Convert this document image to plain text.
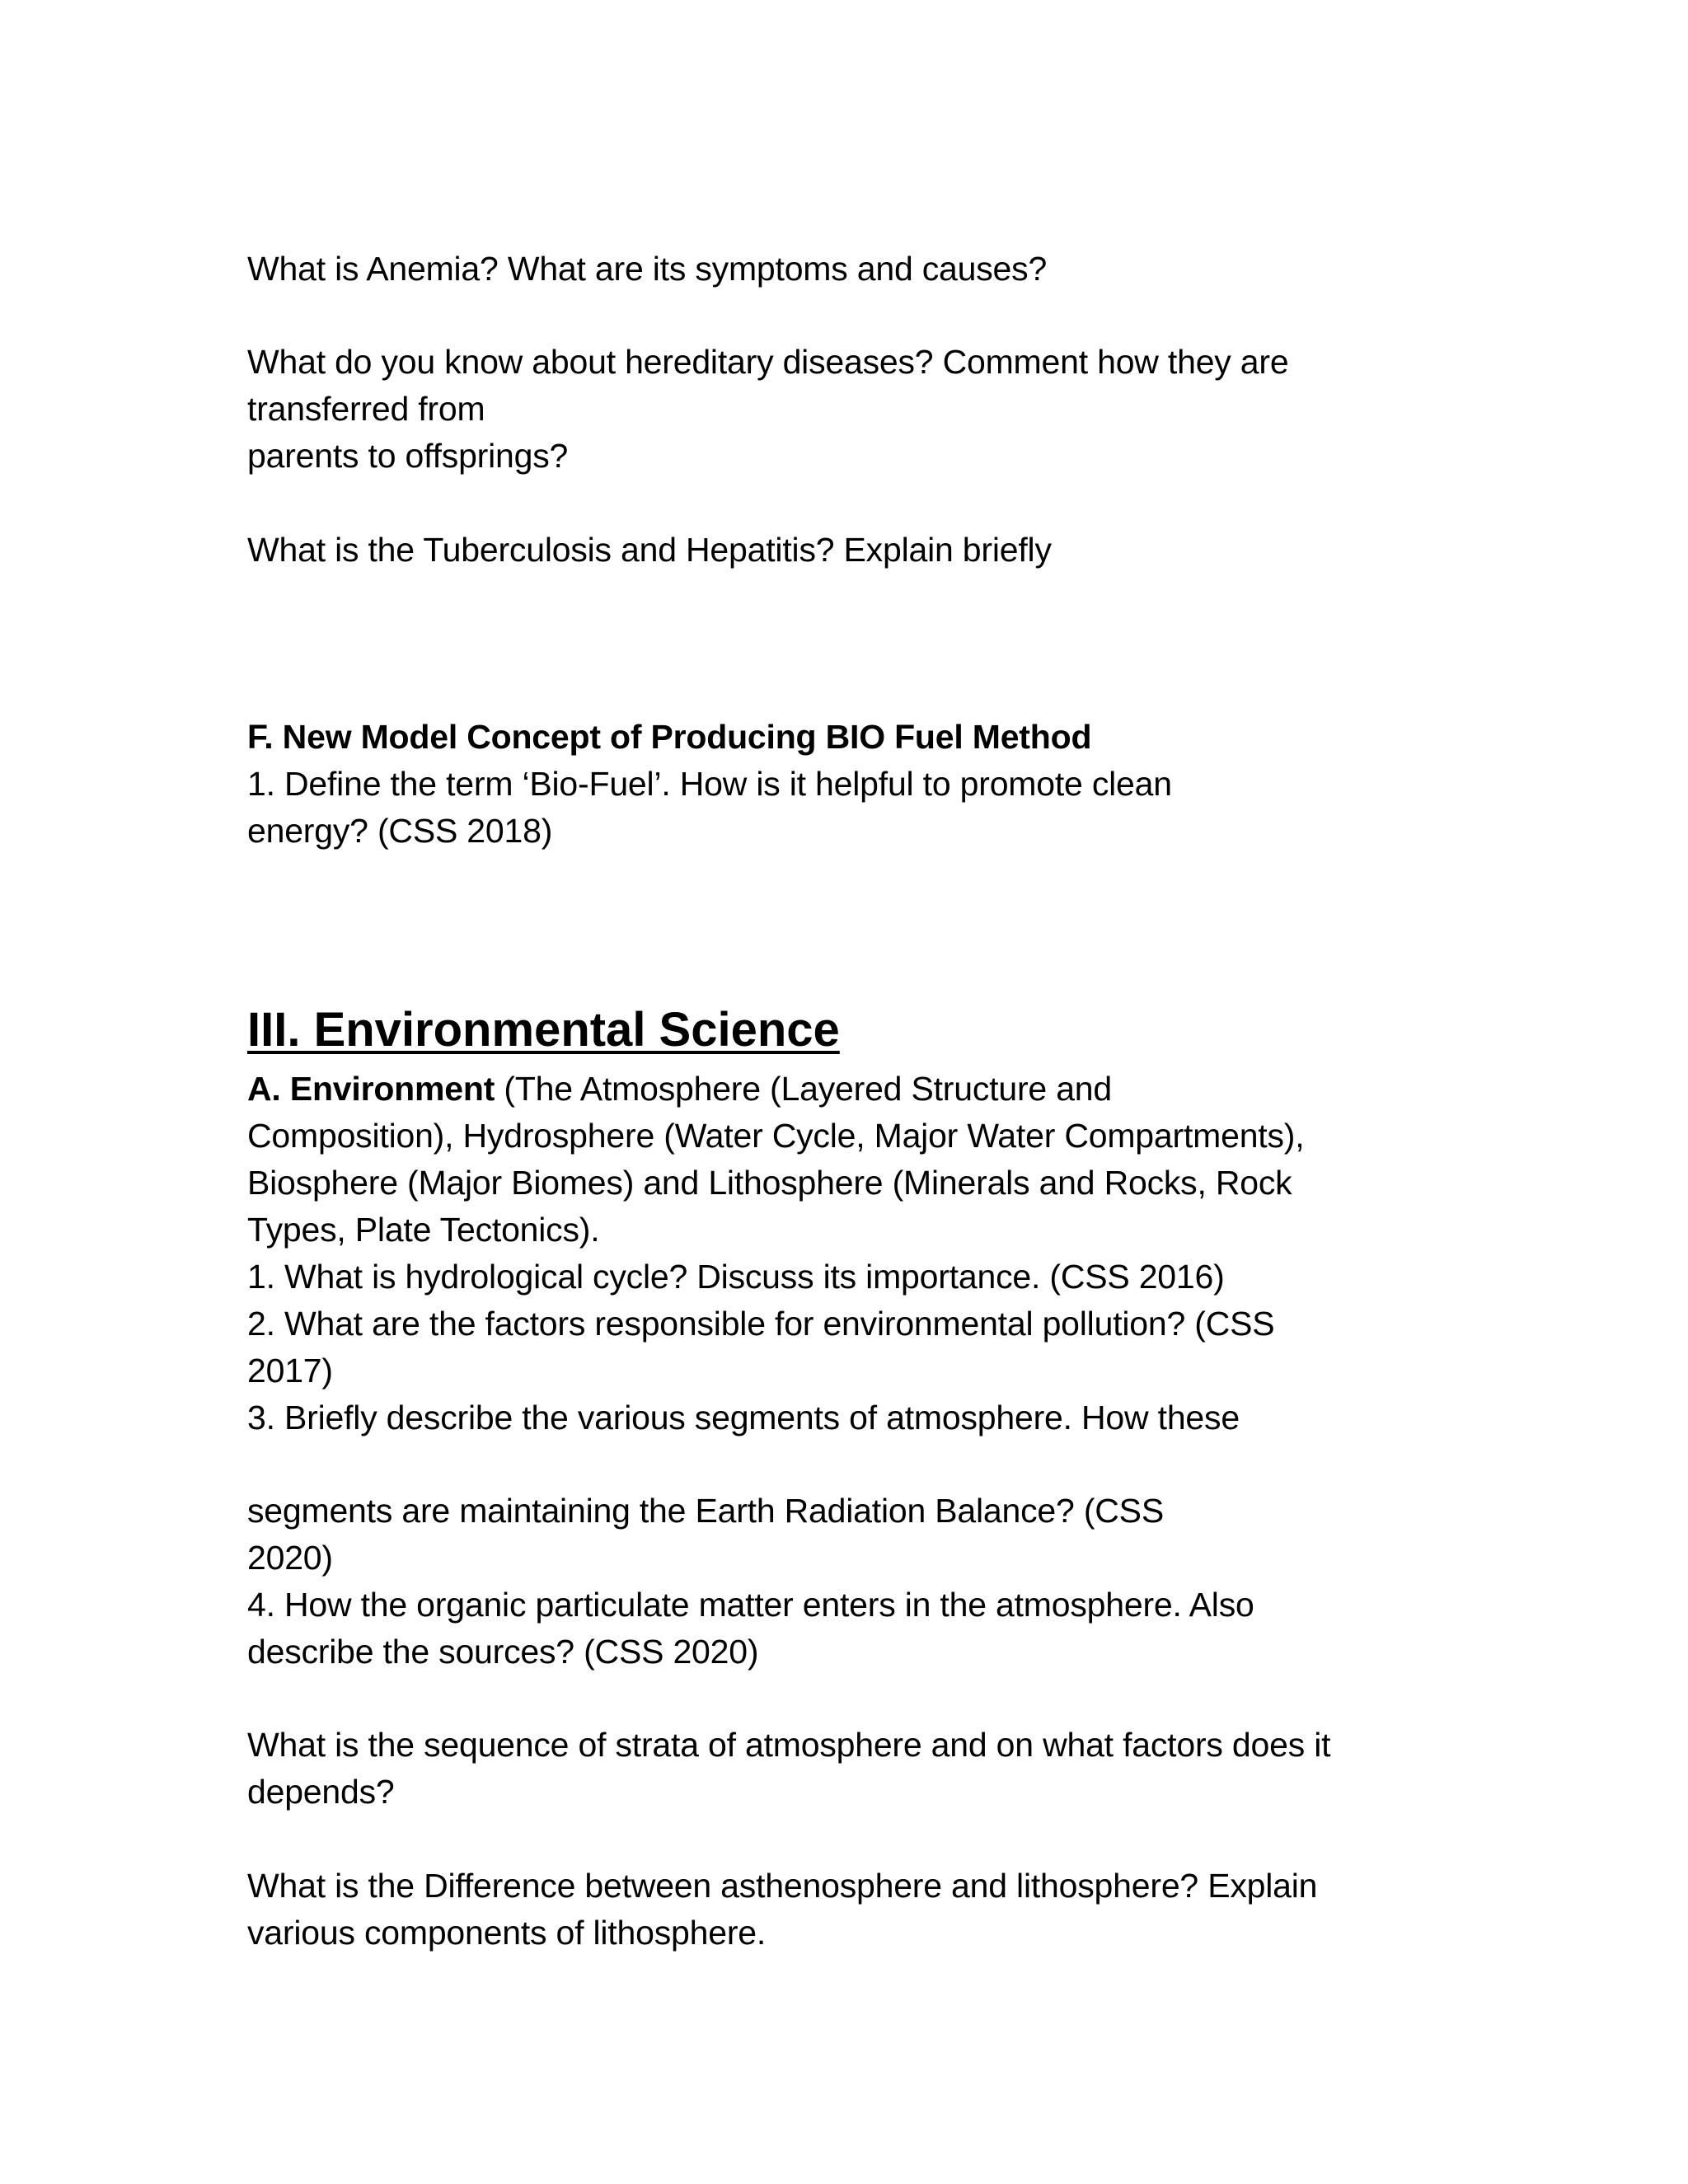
What is Anemia? What are its symptoms and causes?
What do you know about hereditary diseases? Comment how they are
transferred from
parents to offsprings?
What is the Tuberculosis and Hepatitis? Explain briefly
F. New Model Concept of Producing BIO Fuel Method
1. Define the term ‘Bio-Fuel’. How is it helpful to promote clean
energy? (CSS 2018)
III. Environmental Science
A. Environment (The Atmosphere (Layered Structure and
Composition), Hydrosphere (Water Cycle, Major Water Compartments),
Biosphere (Major Biomes) and Lithosphere (Minerals and Rocks, Rock
Types, Plate Tectonics).
1. What is hydrological cycle? Discuss its importance. (CSS 2016)
2. What are the factors responsible for environmental pollution? (CSS
2017)
3. Briefly describe the various segments of atmosphere. How these
segments are maintaining the Earth Radiation Balance? (CSS
2020)
4. How the organic particulate matter enters in the atmosphere. Also
describe the sources? (CSS 2020)
What is the sequence of strata of atmosphere and on what factors does it
depends?
What is the Difference between asthenosphere and lithosphere? Explain
various components of lithosphere.
